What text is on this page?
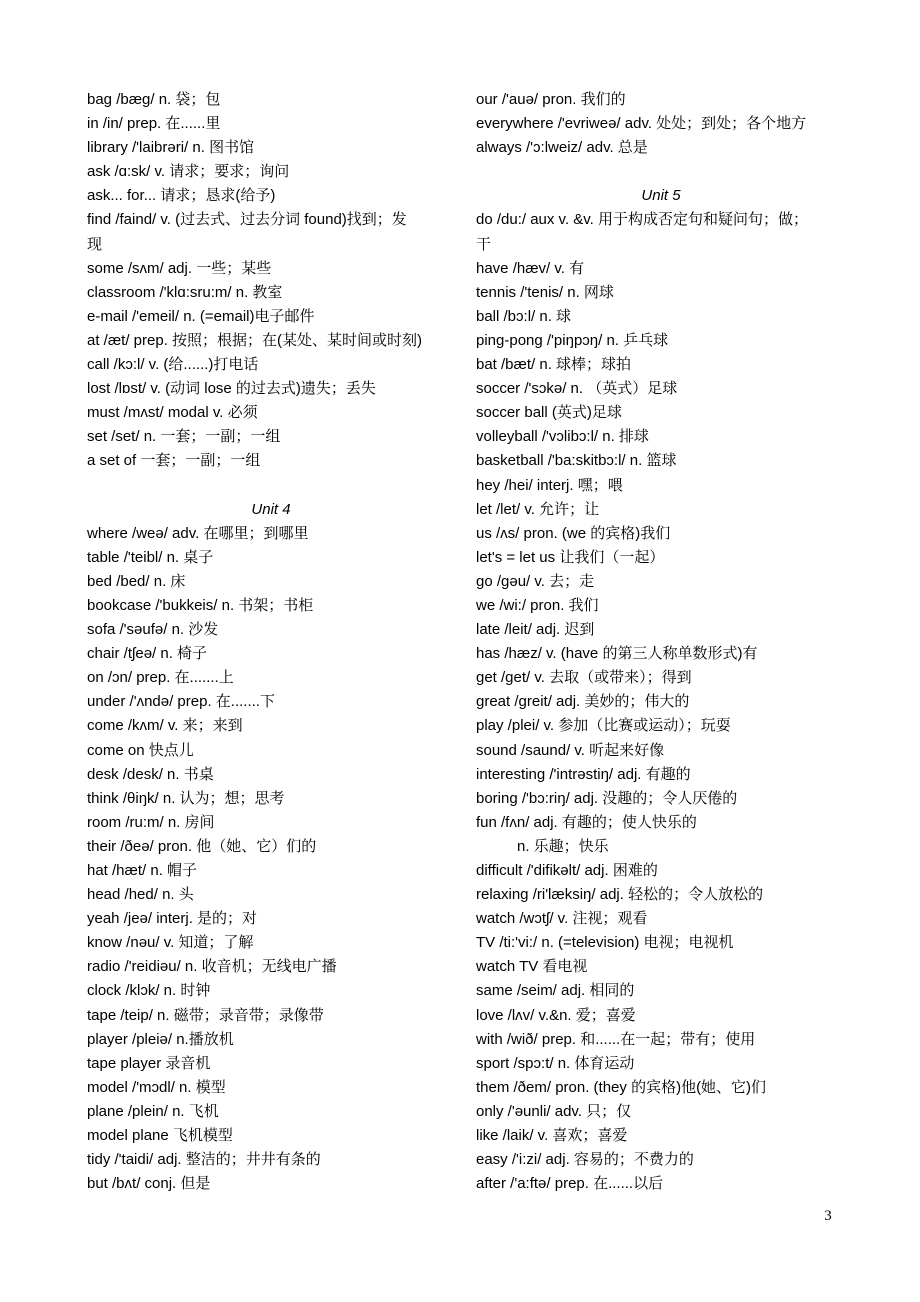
bag /bæg/ n. 袋；包
in /in/ prep. 在......里
library /'laibrəri/ n. 图书馆
ask /ɑ:sk/ v. 请求；要求；询问
ask... for... 请求；恳求(给予)
find /faind/ v. (过去式、过去分词 found)找到；发
现
some /sʌm/ adj. 一些；某些
classroom /'klɑ:sru:m/ n. 教室
e-mail /'emeil/ n. (=email)电子邮件
at /æt/ prep. 按照；根据；在(某处、某时间或时刻)
call /kɔ:l/ v. (给......)打电话
lost /lɒst/ v. (动词 lose 的过去式)遗失；丢失
must /mʌst/ modal v. 必须
set /set/ n. 一套；一副；一组
a set of 一套；一副；一组
Unit 4
where /weə/ adv. 在哪里；到哪里
table /'teibl/ n. 桌子
bed /bed/ n. 床
bookcase /'bukkeis/ n. 书架；书柜
sofa /'səufə/ n. 沙发
chair /tʃeə/ n. 椅子
on /ɔn/ prep. 在.......上
under /'ʌndə/ prep. 在.......下
come /kʌm/ v. 来；来到
come on 快点儿
desk /desk/ n. 书桌
think /θiŋk/ n. 认为；想；思考
room /ru:m/ n. 房间
their /ðeə/ pron. 他（她、它）们的
hat /hæt/ n. 帽子
head /hed/ n. 头
yeah /jeə/ interj. 是的；对
know /nəu/ v. 知道；了解
radio /'reidiəu/ n. 收音机；无线电广播
clock /klɔk/ n. 时钟
tape /teip/ n. 磁带；录音带；录像带
player /pleiə/ n.播放机
tape player 录音机
model /'mɔdl/ n. 模型
plane /plein/ n. 飞机
model plane 飞机模型
tidy /'taidi/ adj. 整洁的；井井有条的
but /bʌt/ conj. 但是
our /'auə/ pron. 我们的
everywhere /'evriweə/ adv. 处处；到处；各个地方
always /'ɔ:lweiz/ adv. 总是
Unit 5
do /du:/ aux v. &v. 用于构成否定句和疑问句；做；
干
have /hæv/ v. 有
tennis /'tenis/ n. 网球
ball /bɔ:l/ n. 球
ping-pong /'piŋpɔŋ/ n. 乒乓球
bat /bæt/ n. 球棒；球拍
soccer /'sɔkə/ n. （英式）足球
soccer ball (英式)足球
volleyball /'vɔlibɔ:l/ n. 排球
basketball /'ba:skitbɔ:l/ n. 篮球
hey /hei/ interj. 嘿；喂
let /let/ v. 允许；让
us /ʌs/ pron. (we 的宾格)我们
let's = let us 让我们（一起）
go /gəu/ v. 去；走
we /wi:/ pron. 我们
late /leit/ adj. 迟到
has /hæz/ v. (have 的第三人称单数形式)有
get /get/ v. 去取（或带来）；得到
great /greit/ adj. 美妙的；伟大的
play /plei/ v. 参加（比赛或运动）；玩耍
sound /saund/ v. 听起来好像
interesting /'intrəstiŋ/ adj. 有趣的
boring /'bɔ:riŋ/ adj. 没趣的；令人厌倦的
fun /fʌn/ adj. 有趣的；使人快乐的
n. 乐趣；快乐
difficult /'difikəlt/ adj. 困难的
relaxing /ri'læksiŋ/ adj. 轻松的；令人放松的
watch /wɔtʃ/ v. 注视；观看
TV /ti:'vi:/ n. (=television) 电视；电视机
watch TV 看电视
same /seim/ adj. 相同的
love /lʌv/ v.&n. 爱；喜爱
with /wið/ prep. 和......在一起；带有；使用
sport /spɔ:t/ n. 体育运动
them /ðem/ pron. (they 的宾格)他(她、它)们
only /'əunli/ adv. 只；仅
like /laik/ v. 喜欢；喜爱
easy /'i:zi/ adj. 容易的；不费力的
after /'a:ftə/ prep. 在......以后
3
